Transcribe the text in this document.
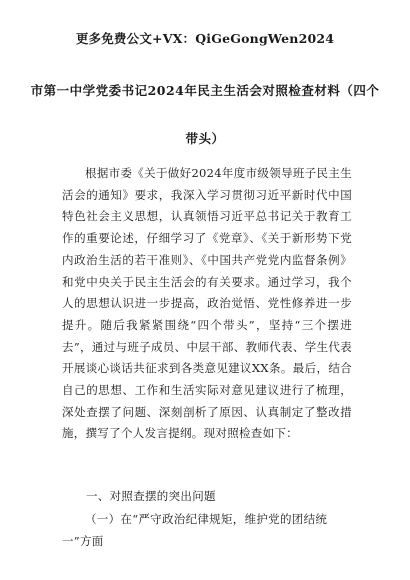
更多免费公文+VX：QiGeGongWen2024
市第一中学党委书记2024年民主生活会对照检查材料（四个带头）

根据市委《关于做好2024年度市级领导班子民主生活会的通知》要求，我深入学习贯彻习近平新时代中国特色社会主义思想，认真领悟习近平总书记关于教育工作的重要论述，仔细学习了《党章》、《关于新形势下党内政治生活的若干准则》、《中国共产党党内监督条例》和党中央关于民主生活会的有关要求。通过学习，我个人的思想认识进一步提高，政治觉悟、党性修养进一步提升。随后我紧紧围绕“四个带头”，坚持“三个摆进去”，通过与班子成员、中层干部、教师代表、学生代表开展谈心谈话共征求到各类意见建议XX条。最后，结合自己的思想、工作和生活实际对意见建议进行了梳理，深处查摆了问题、深刻剖析了原因、认真制定了整改措施，撰写了个人发言提纲。现对照检查如下：

一、对照查摆的突出问题

（一）在“严守政治纪律规矩，维护党的团结统一”方面
